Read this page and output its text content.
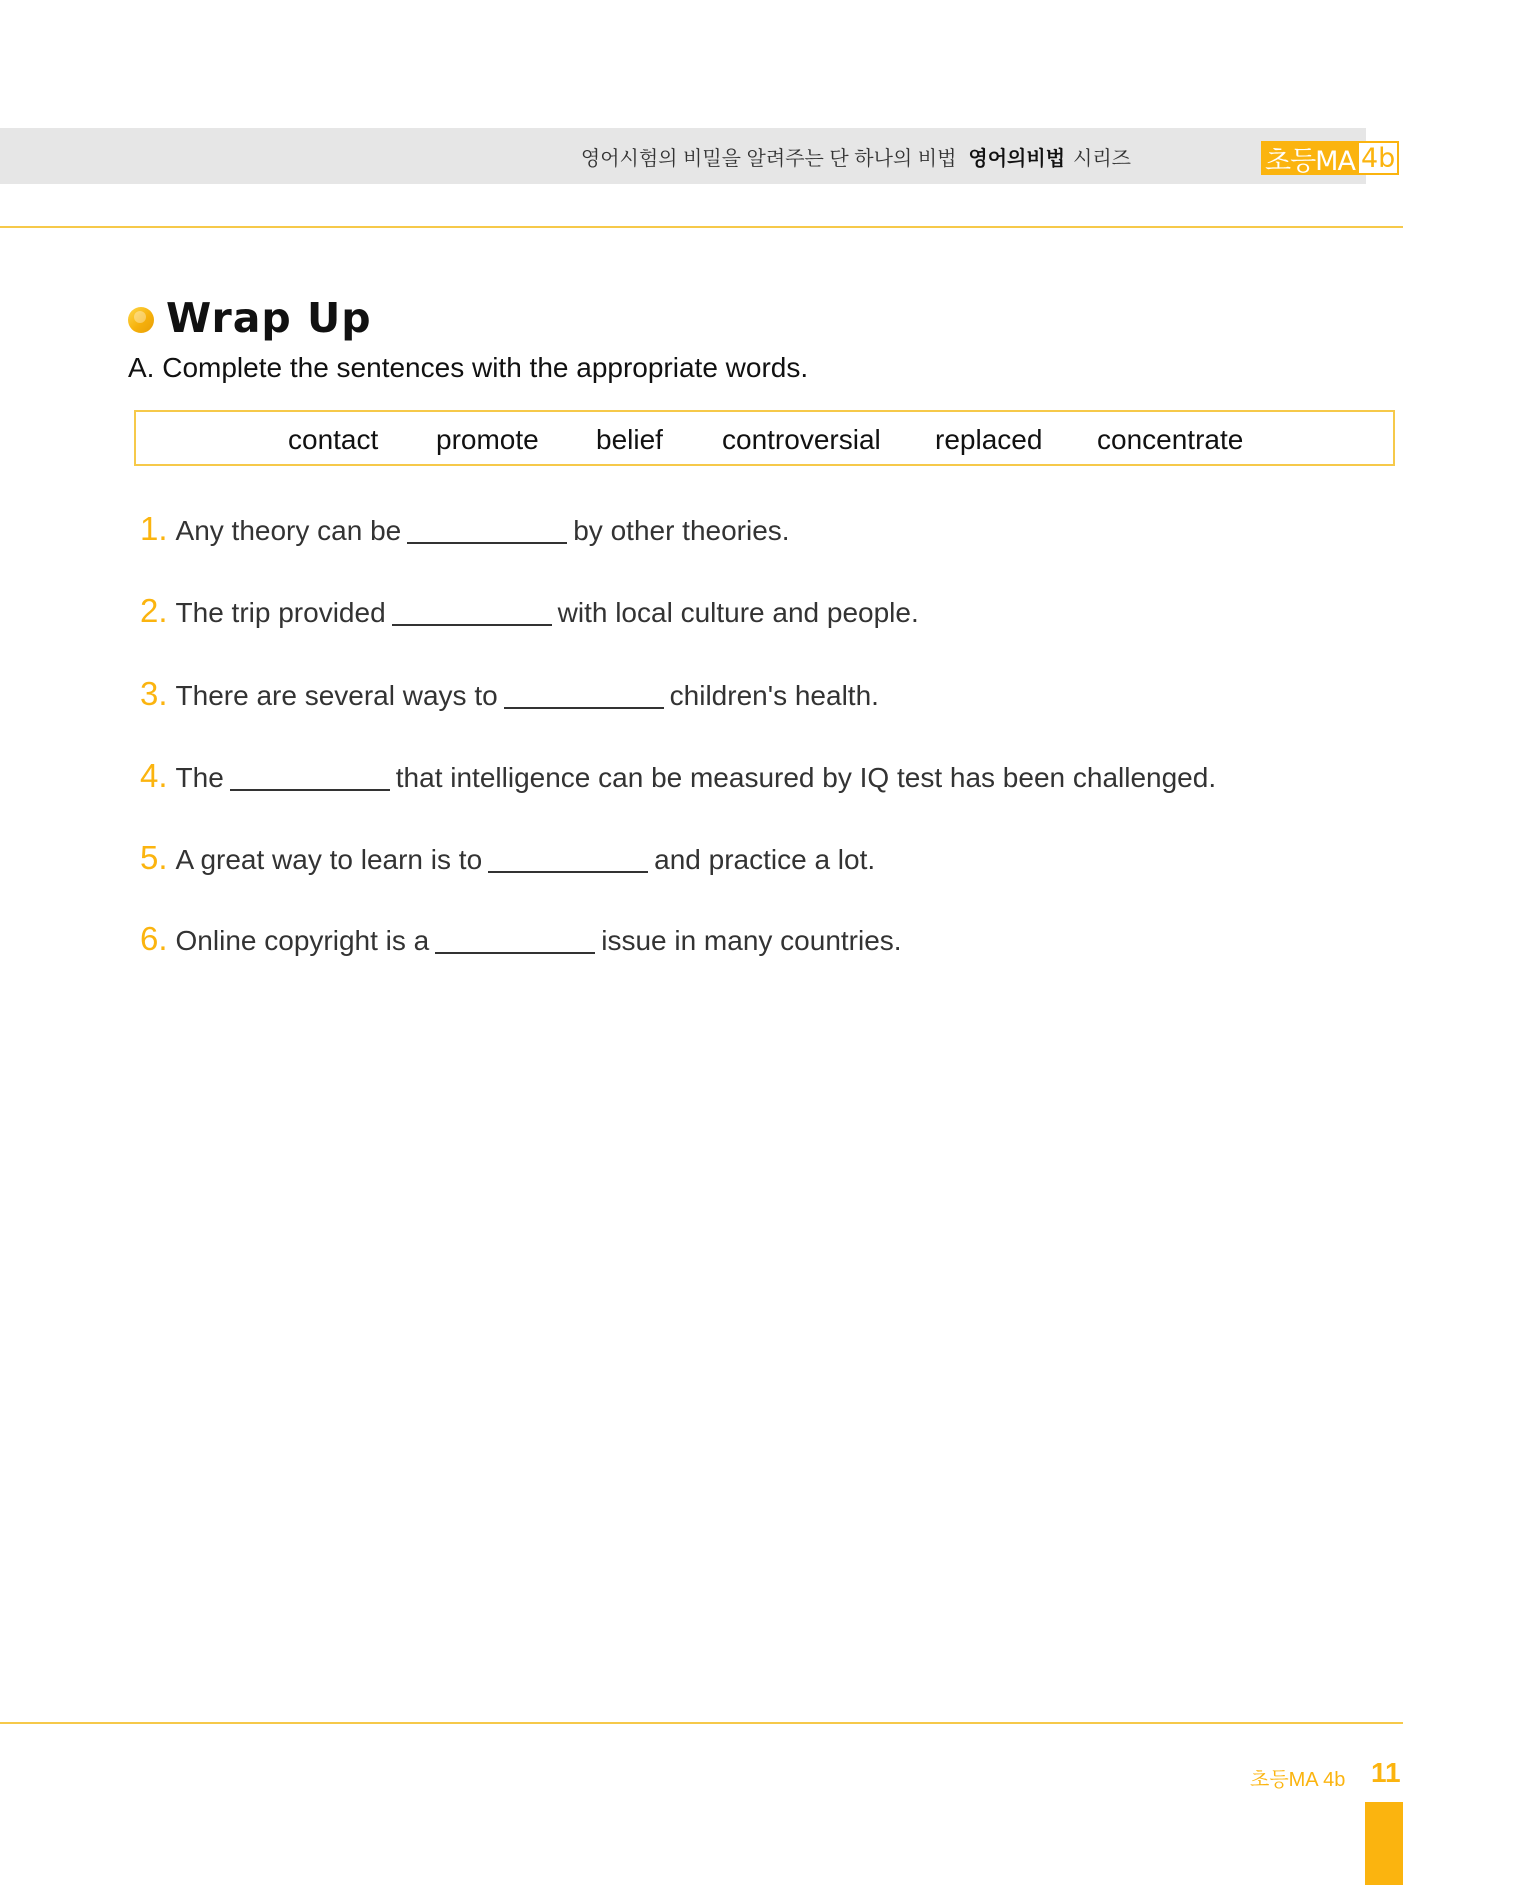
영어시험의 비밀을 알려주는 단 하나의 비법 영어의비법 시리즈	초등MA 4b
Wrap Up
A. Complete the sentences with the appropriate words.
contact promote belief controversial replaced concentrate
1. Any theory can be	by other theories.
2. The trip provided	with local culture and people.
3. There are several ways to	children's health.
4. The	that intelligence can be measured by IQ test has been challenged.
5. A great way to learn is to	and practice a lot.
6. Online copyright is a	issue in many countries.
초등MA 4b 11
